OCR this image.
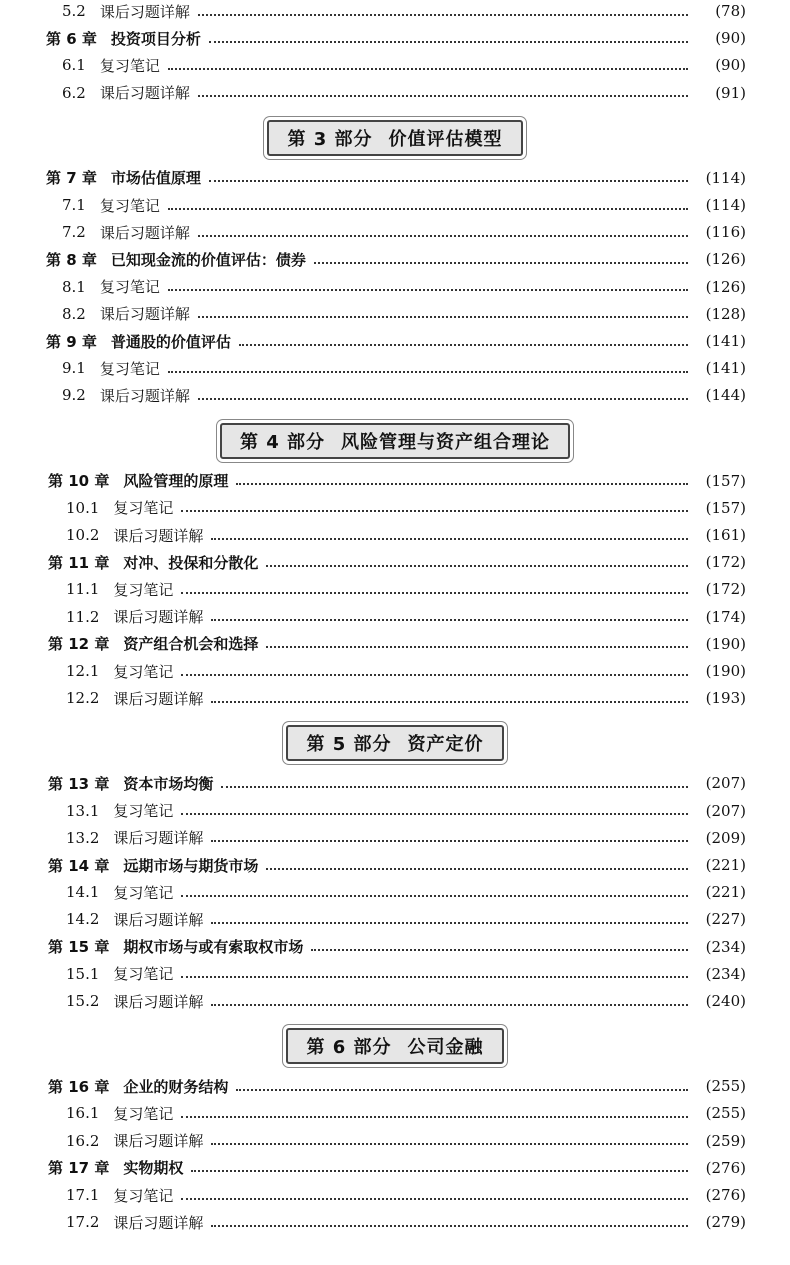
5.2 课后习题详解	( 78 )
第 6 章 投资项目分析	( 90 )
6.1 复习笔记	( 90 )
6.2 课后习题详解	( 91 )
第 3 部分 价值评估模型
第 7 章 市场估值原理	( 114 )
7.1 复习笔记	( 114 )
7.2 课后习题详解	( 116 )
第 8 章 已知现金流的价值评估：债券	( 126 )
8.1 复习笔记	( 126 )
8.2 课后习题详解	( 128 )
第 9 章 普通股的价值评估	( 141 )
9.1 复习笔记	( 141 )
9.2 课后习题详解	( 144 )
第 4 部分 风险管理与资产组合理论
第 10 章 风险管理的原理	( 157 )
10.1 复习笔记	( 157 )
10.2 课后习题详解	( 161 )
第 11 章 对冲、投保和分散化	( 172 )
11.1 复习笔记	( 172 )
11.2 课后习题详解	( 174 )
第 12 章 资产组合机会和选择	( 190 )
12.1 复习笔记	( 190 )
12.2 课后习题详解	( 193 )
第 5 部分 资产定价
第 13 章 资本市场均衡	( 207 )
13.1 复习笔记	( 207 )
13.2 课后习题详解	( 209 )
第 14 章 远期市场与期货市场	( 221 )
14.1 复习笔记	( 221 )
14.2 课后习题详解	( 227 )
第 15 章 期权市场与或有索取权市场	( 234 )
15.1 复习笔记	( 234 )
15.2 课后习题详解	( 240 )
第 6 部分 公司金融
第 16 章 企业的财务结构	( 255 )
16.1 复习笔记	( 255 )
16.2 课后习题详解	( 259 )
第 17 章 实物期权	( 276 )
17.1 复习笔记	( 276 )
17.2 课后习题详解	( 279 )
